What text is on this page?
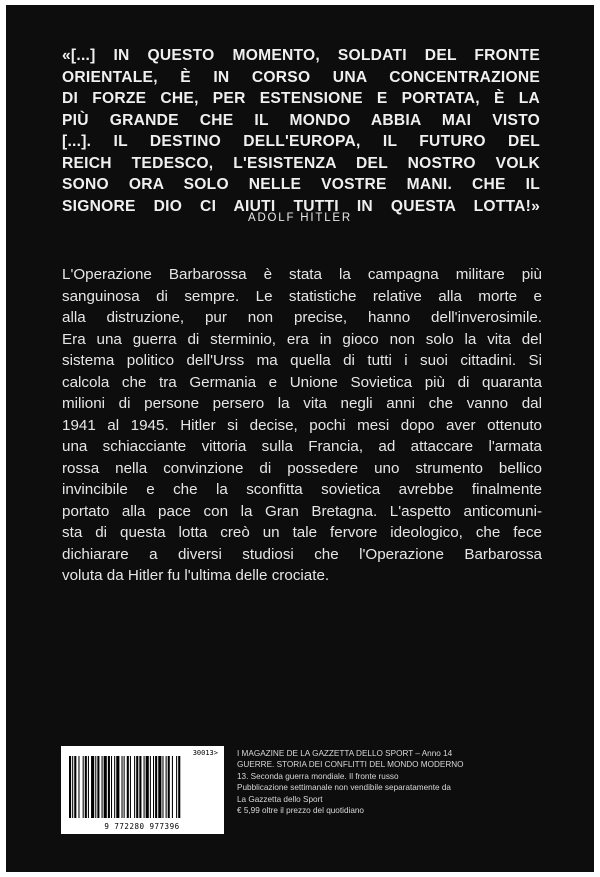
«[...] IN QUESTO MOMENTO, SOLDATI DEL FRONTE
ORIENTALE, È IN CORSO UNA CONCENTRAZIONE
DI FORZE CHE, PER ESTENSIONE E PORTATA, È LA
PIÙ GRANDE CHE IL MONDO ABBIA MAI VISTO
[...]. IL DESTINO DELL'EUROPA, IL FUTURO DEL
REICH TEDESCO, L'ESISTENZA DEL NOSTRO VOLK
SONO ORA SOLO NELLE VOSTRE MANI. CHE IL
SIGNORE DIO CI AIUTI TUTTI IN QUESTA LOTTA!»
ADOLF HITLER
L'Operazione Barbarossa è stata la campagna militare più
sanguinosa di sempre. Le statistiche relative alla morte e
alla distruzione, pur non precise, hanno dell'inverosimile.
Era una guerra di sterminio, era in gioco non solo la vita del
sistema politico dell'Urss ma quella di tutti i suoi cittadini. Si
calcola che tra Germania e Unione Sovietica più di quaranta
milioni di persone persero la vita negli anni che vanno dal
1941 al 1945. Hitler si decise, pochi mesi dopo aver ottenuto
una schiacciante vittoria sulla Francia, ad attaccare l'armata
rossa nella convinzione di possedere uno strumento bellico
invincibile e che la sconfitta sovietica avrebbe finalmente
portato alla pace con la Gran Bretagna. L'aspetto anticomuni-
sta di questa lotta creò un tale fervore ideologico, che fece
dichiarare a diversi studiosi che l'Operazione Barbarossa
voluta da Hitler fu l'ultima delle crociate.
30013>
9 772280 977396
I MAGAZINE DE LA GAZZETTA DELLO SPORT – Anno 14
GUERRE. STORIA DEI CONFLITTI DEL MONDO MODERNO
13. Seconda guerra mondiale. Il fronte russo
Pubblicazione settimanale non vendibile separatamente da
La Gazzetta dello Sport
€ 5,99 oltre il prezzo del quotidiano
